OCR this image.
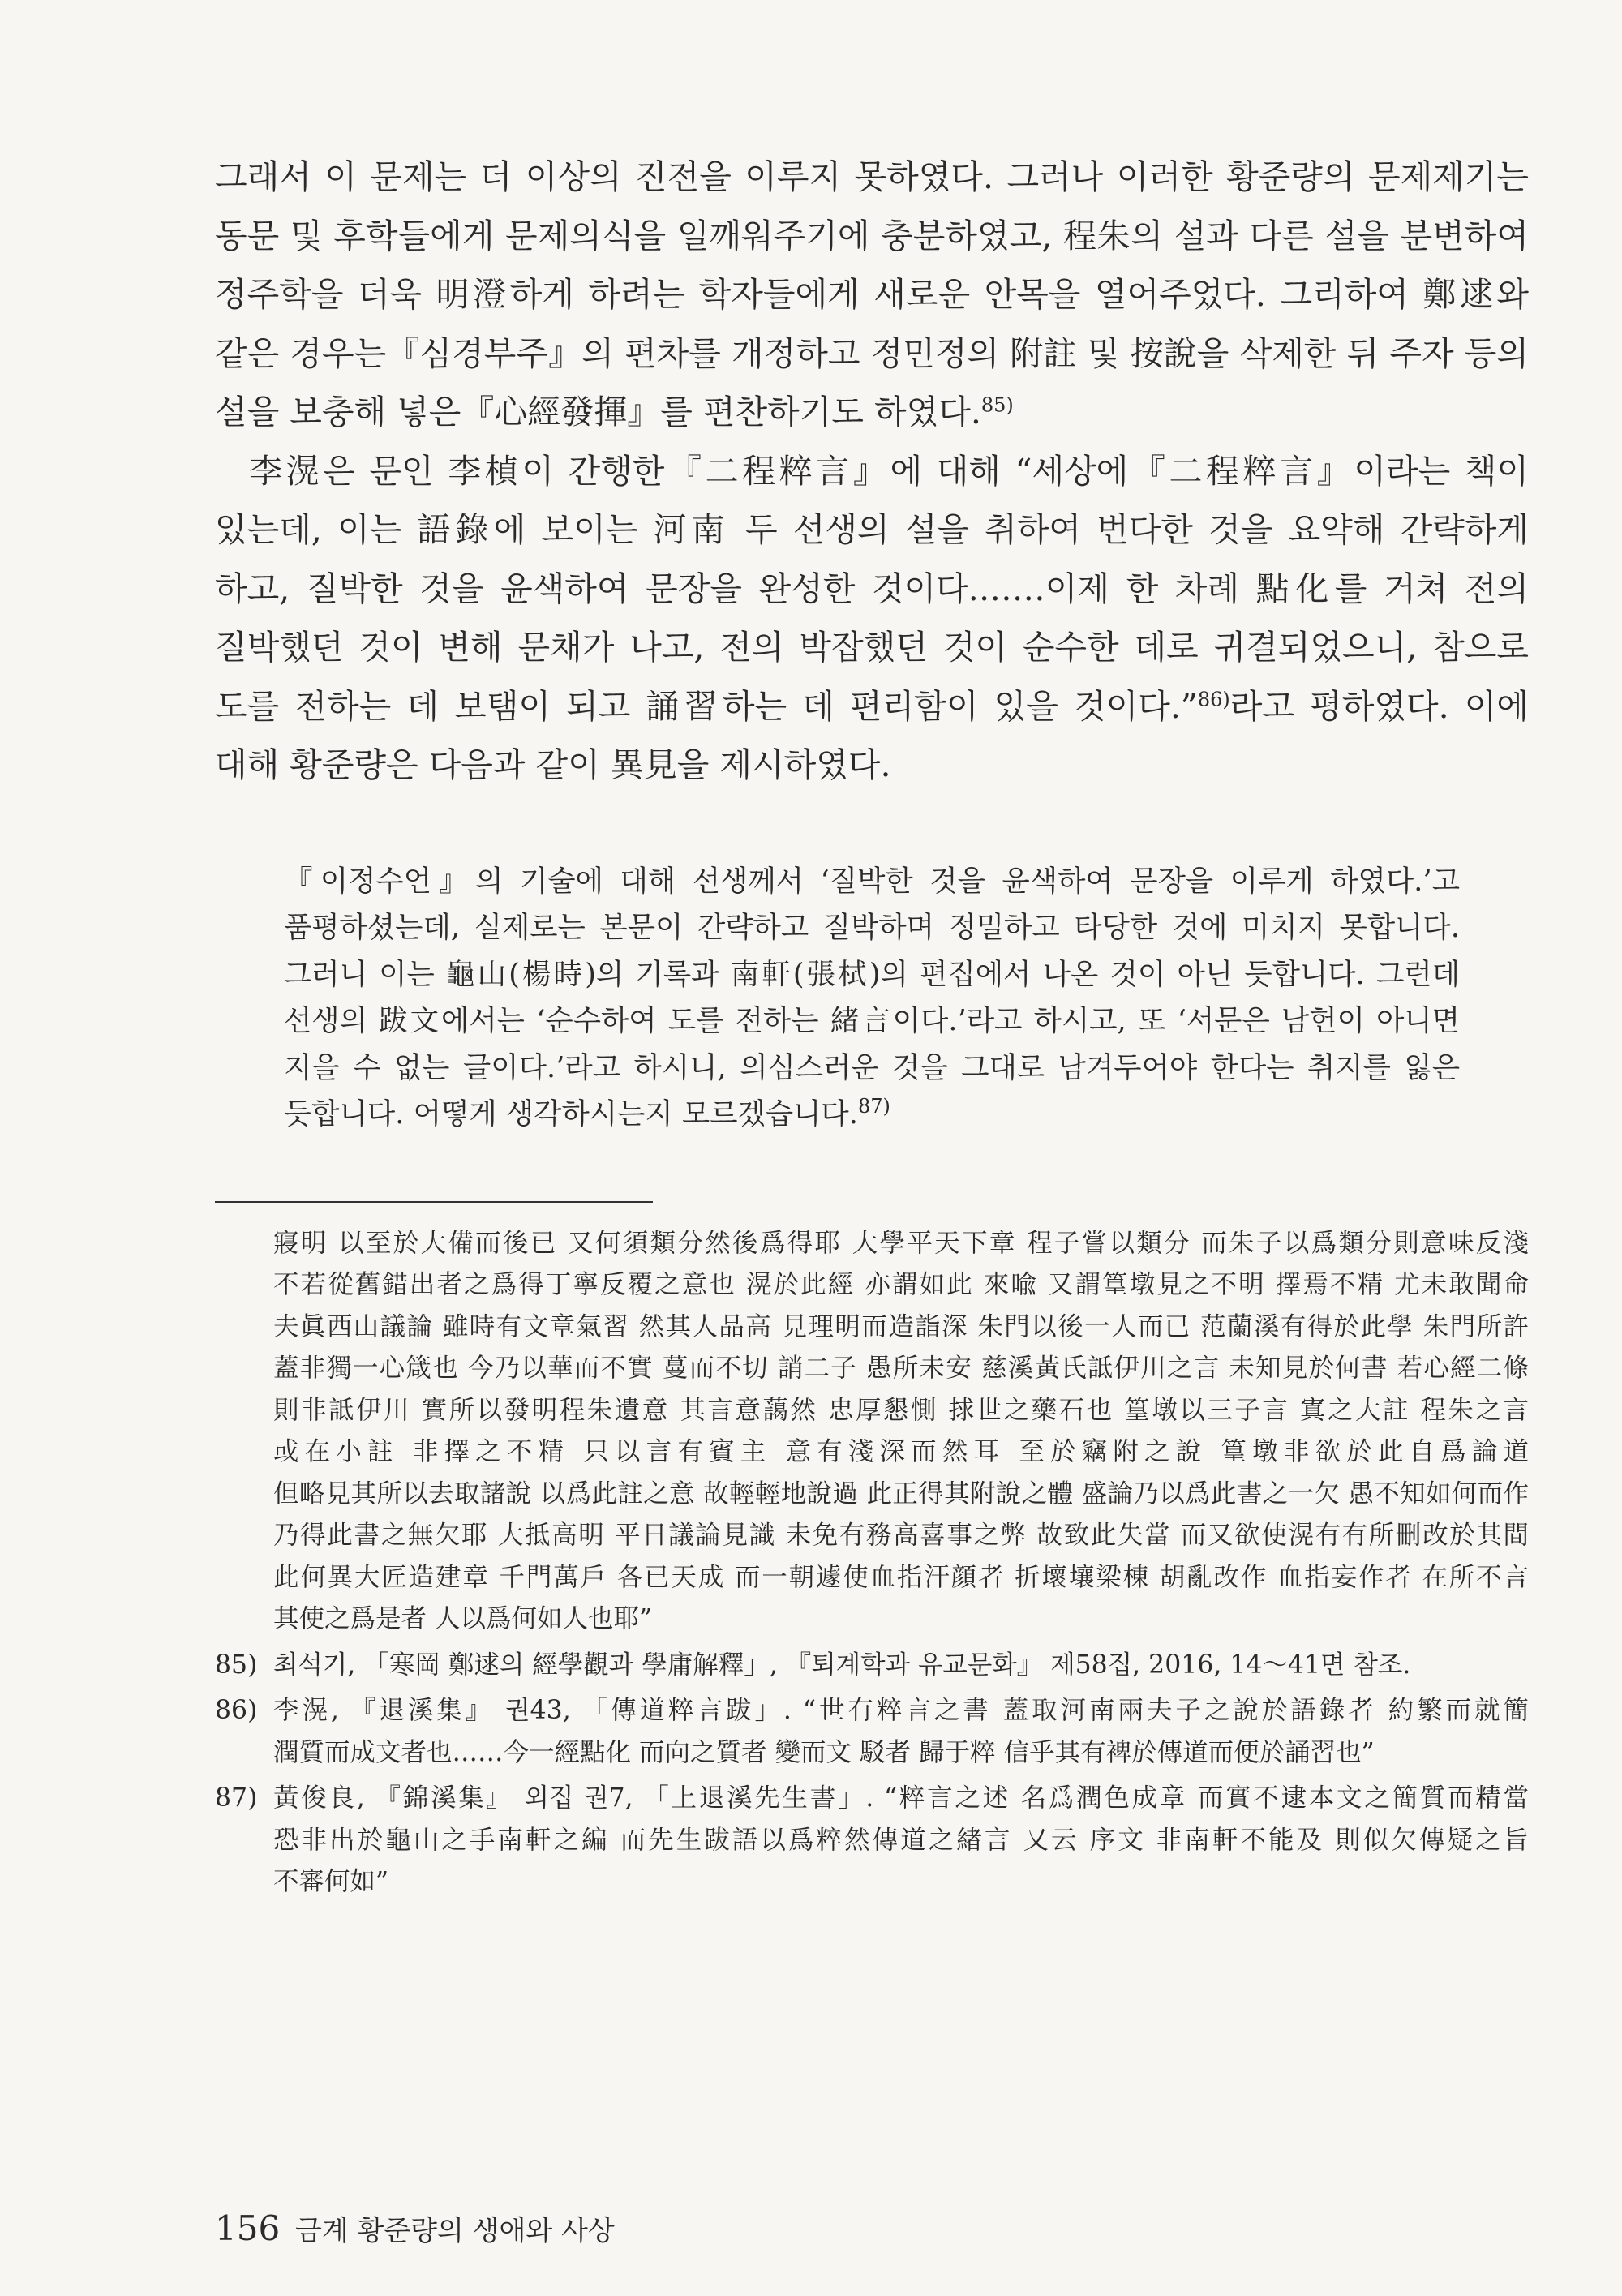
그래서 이 문제는 더 이상의 진전을 이루지 못하였다. 그러나 이러한 황준량의 문제제기는 동문 및 후학들에게 문제의식을 일깨워주기에 충분하였고, 程朱의 설과 다른 설을 분변하여 정주학을 더욱 明澄하게 하려는 학자들에게 새로운 안목을 열어주었다. 그리하여 鄭逑와 같은 경우는『심경부주』의 편차를 개정하고 정민정의 附註 및 按說을 삭제한 뒤 주자 등의 설을 보충해 넣은『心經發揮』를 편찬하기도 하였다.$^{85)}$

李滉은 문인 李楨이 간행한『二程粹言』에 대해 “세상에『二程粹言』이라는 책이 있는데, 이는 語錄에 보이는 河南 두 선생의 설을 취하여 번다한 것을 요약해 간략하게 하고, 질박한 것을 윤색하여 문장을 완성한 것이다.……이제 한 차례 點化를 거쳐 전의 질박했던 것이 변해 문채가 나고, 전의 박잡했던 것이 순수한 데로 귀결되었으니, 참으로 도를 전하는 데 보탬이 되고 誦習하는 데 편리함이 있을 것이다.”$^{86)}$라고 평하였다. 이에 대해 황준량은 다음과 같이 異見을 제시하였다.

『이정수언』의 기술에 대해 선생께서 ‘질박한 것을 윤색하여 문장을 이루게 하였다.’고 품평하셨는데, 실제로는 본문이 간략하고 질박하며 정밀하고 타당한 것에 미치지 못합니다. 그러니 이는 龜山(楊時)의 기록과 南軒(張栻)의 편집에서 나온 것이 아닌 듯합니다. 그런데 선생의 跋文에서는 ‘순수하여 도를 전하는 緒言이다.’라고 하시고, 또 ‘서문은 남헌이 아니면 지을 수 없는 글이다.’라고 하시니, 의심스러운 것을 그대로 남겨두어야 한다는 취지를 잃은 듯합니다. 어떻게 생각하시는지 모르겠습니다.$^{87)}$

寢明 以至於大備而後已 又何須類分然後爲得耶 大學平天下章 程子嘗以類分 而朱子以爲類分則意味反淺 不若從舊錯出者之爲得丁寧反覆之意也 滉於此經 亦謂如此 來喩 又謂篁墩見之不明 擇焉不精 尤未敢聞命 夫眞西山議論 雖時有文章氣習 然其人品高 見理明而造詣深 朱門以後一人而已 范蘭溪有得於此學 朱門所許 蓋非獨一心箴也 今乃以華而不實 蔓而不切 誚二子 愚所未安 慈溪黃氏詆伊川之言 未知見於何書 若心經二條 則非詆伊川 實所以發明程朱遺意 其言意藹然 忠厚懇惻 捄世之藥石也 篁墩以三子言 寘之大註 程朱之言 或在小註 非擇之不精 只以言有賓主 意有淺深而然耳 至於竊附之說 篁墩非欲於此自爲論道 但略見其所以去取諸說 以爲此註之意 故輕輕地說過 此正得其附說之體 盛論乃以爲此書之一欠 愚不知如何而作 乃得此書之無欠耶 大抵高明 平日議論見識 未免有務高喜事之弊 故致此失當 而又欲使滉有有所刪改於其間 此何異大匠造建章 千門萬戶 各已天成 而一朝遽使血指汗顔者 折壞壤梁棟 胡亂改作 血指妄作者 在所不言 其使之爲是者 人以爲何如人也耶”

85) 최석기, 「寒岡 鄭逑의 經學觀과 學庸解釋」, 『퇴계학과 유교문화』 제58집, 2016, 14～41면 참조.
86) 李滉, 『退溪集』 권43, 「傳道粹言跋」. “世有粹言之書 蓋取河南兩夫子之說於語錄者 約繁而就簡 潤質而成文者也……今一經點化 而向之質者 變而文 駁者 歸于粹 信乎其有裨於傳道而便於誦習也”
87) 黃俊良, 『錦溪集』 외집 권7, 「上退溪先生書」. “粹言之述 名爲潤色成章 而實不逮本文之簡質而精當 恐非出於龜山之手南軒之編 而先生跋語以爲粹然傳道之緖言 又云 序文 非南軒不能及 則似欠傳疑之旨 不審何如”
156 금계 황준량의 생애와 사상
